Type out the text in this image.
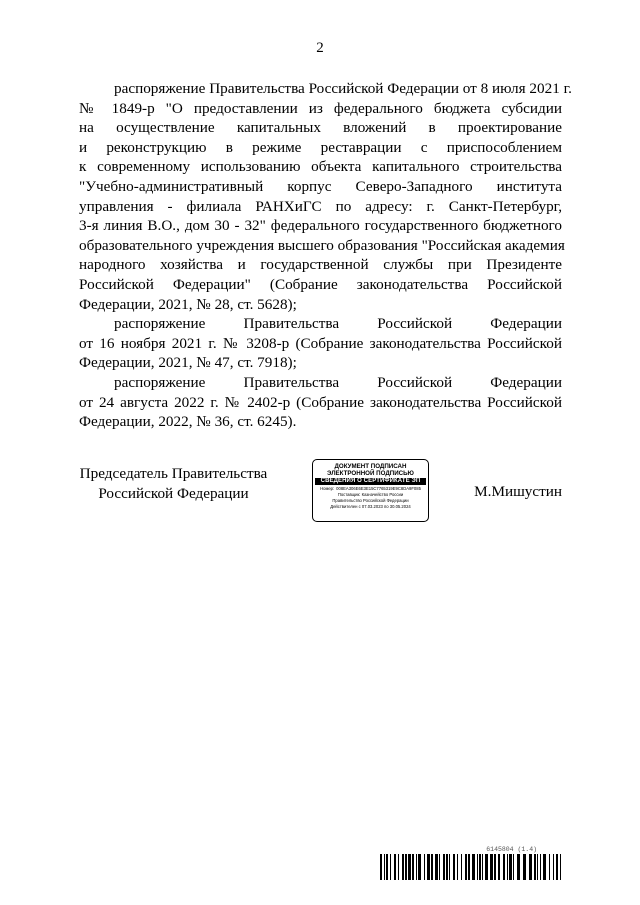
2
распоряжение Правительства Российской Федерации от 8 июля 2021 г.
№ 1849-р "О предоставлении из федерального бюджета субсидии
на осуществление капитальных вложений в проектирование
и реконструкцию в режиме реставрации с приспособлением
к современному использованию объекта капитального строительства
"Учебно-административный корпус Северо-Западного института
управления - филиала РАНХиГС по адресу: г. Санкт-Петербург,
3-я линия В.О., дом 30 - 32" федерального государственного бюджетного
образовательного учреждения высшего образования "Российская академия
народного хозяйства и государственной службы при Президенте
Российской Федерации" (Собрание законодательства Российской
Федерации, 2021, № 28, ст. 5628);
распоряжение Правительства Российской Федерации
от 16 ноября 2021 г. № 3208-р (Собрание законодательства Российской
Федерации, 2021, № 47, ст. 7918);
распоряжение Правительства Российской Федерации
от 24 августа 2022 г. № 2402-р (Собрание законодательства Российской
Федерации, 2022, № 36, ст. 6245).
Председатель Правительства
Российской Федерации
ДОКУМЕНТ ПОДПИСАН
ЭЛЕКТРОННОЙ ПОДПИСЬЮ
СВЕДЕНИЯ О СЕРТИФИКАТЕ ЭП
Номер: 008EA306E6E3E15C7765319E9C8DA9F085
Поставщик: Казначейство России
Правительство Российской Федерации
Действителен с 07.03.2023 по 30.05.2024
М.Мишустин
6145804 (1.4)
